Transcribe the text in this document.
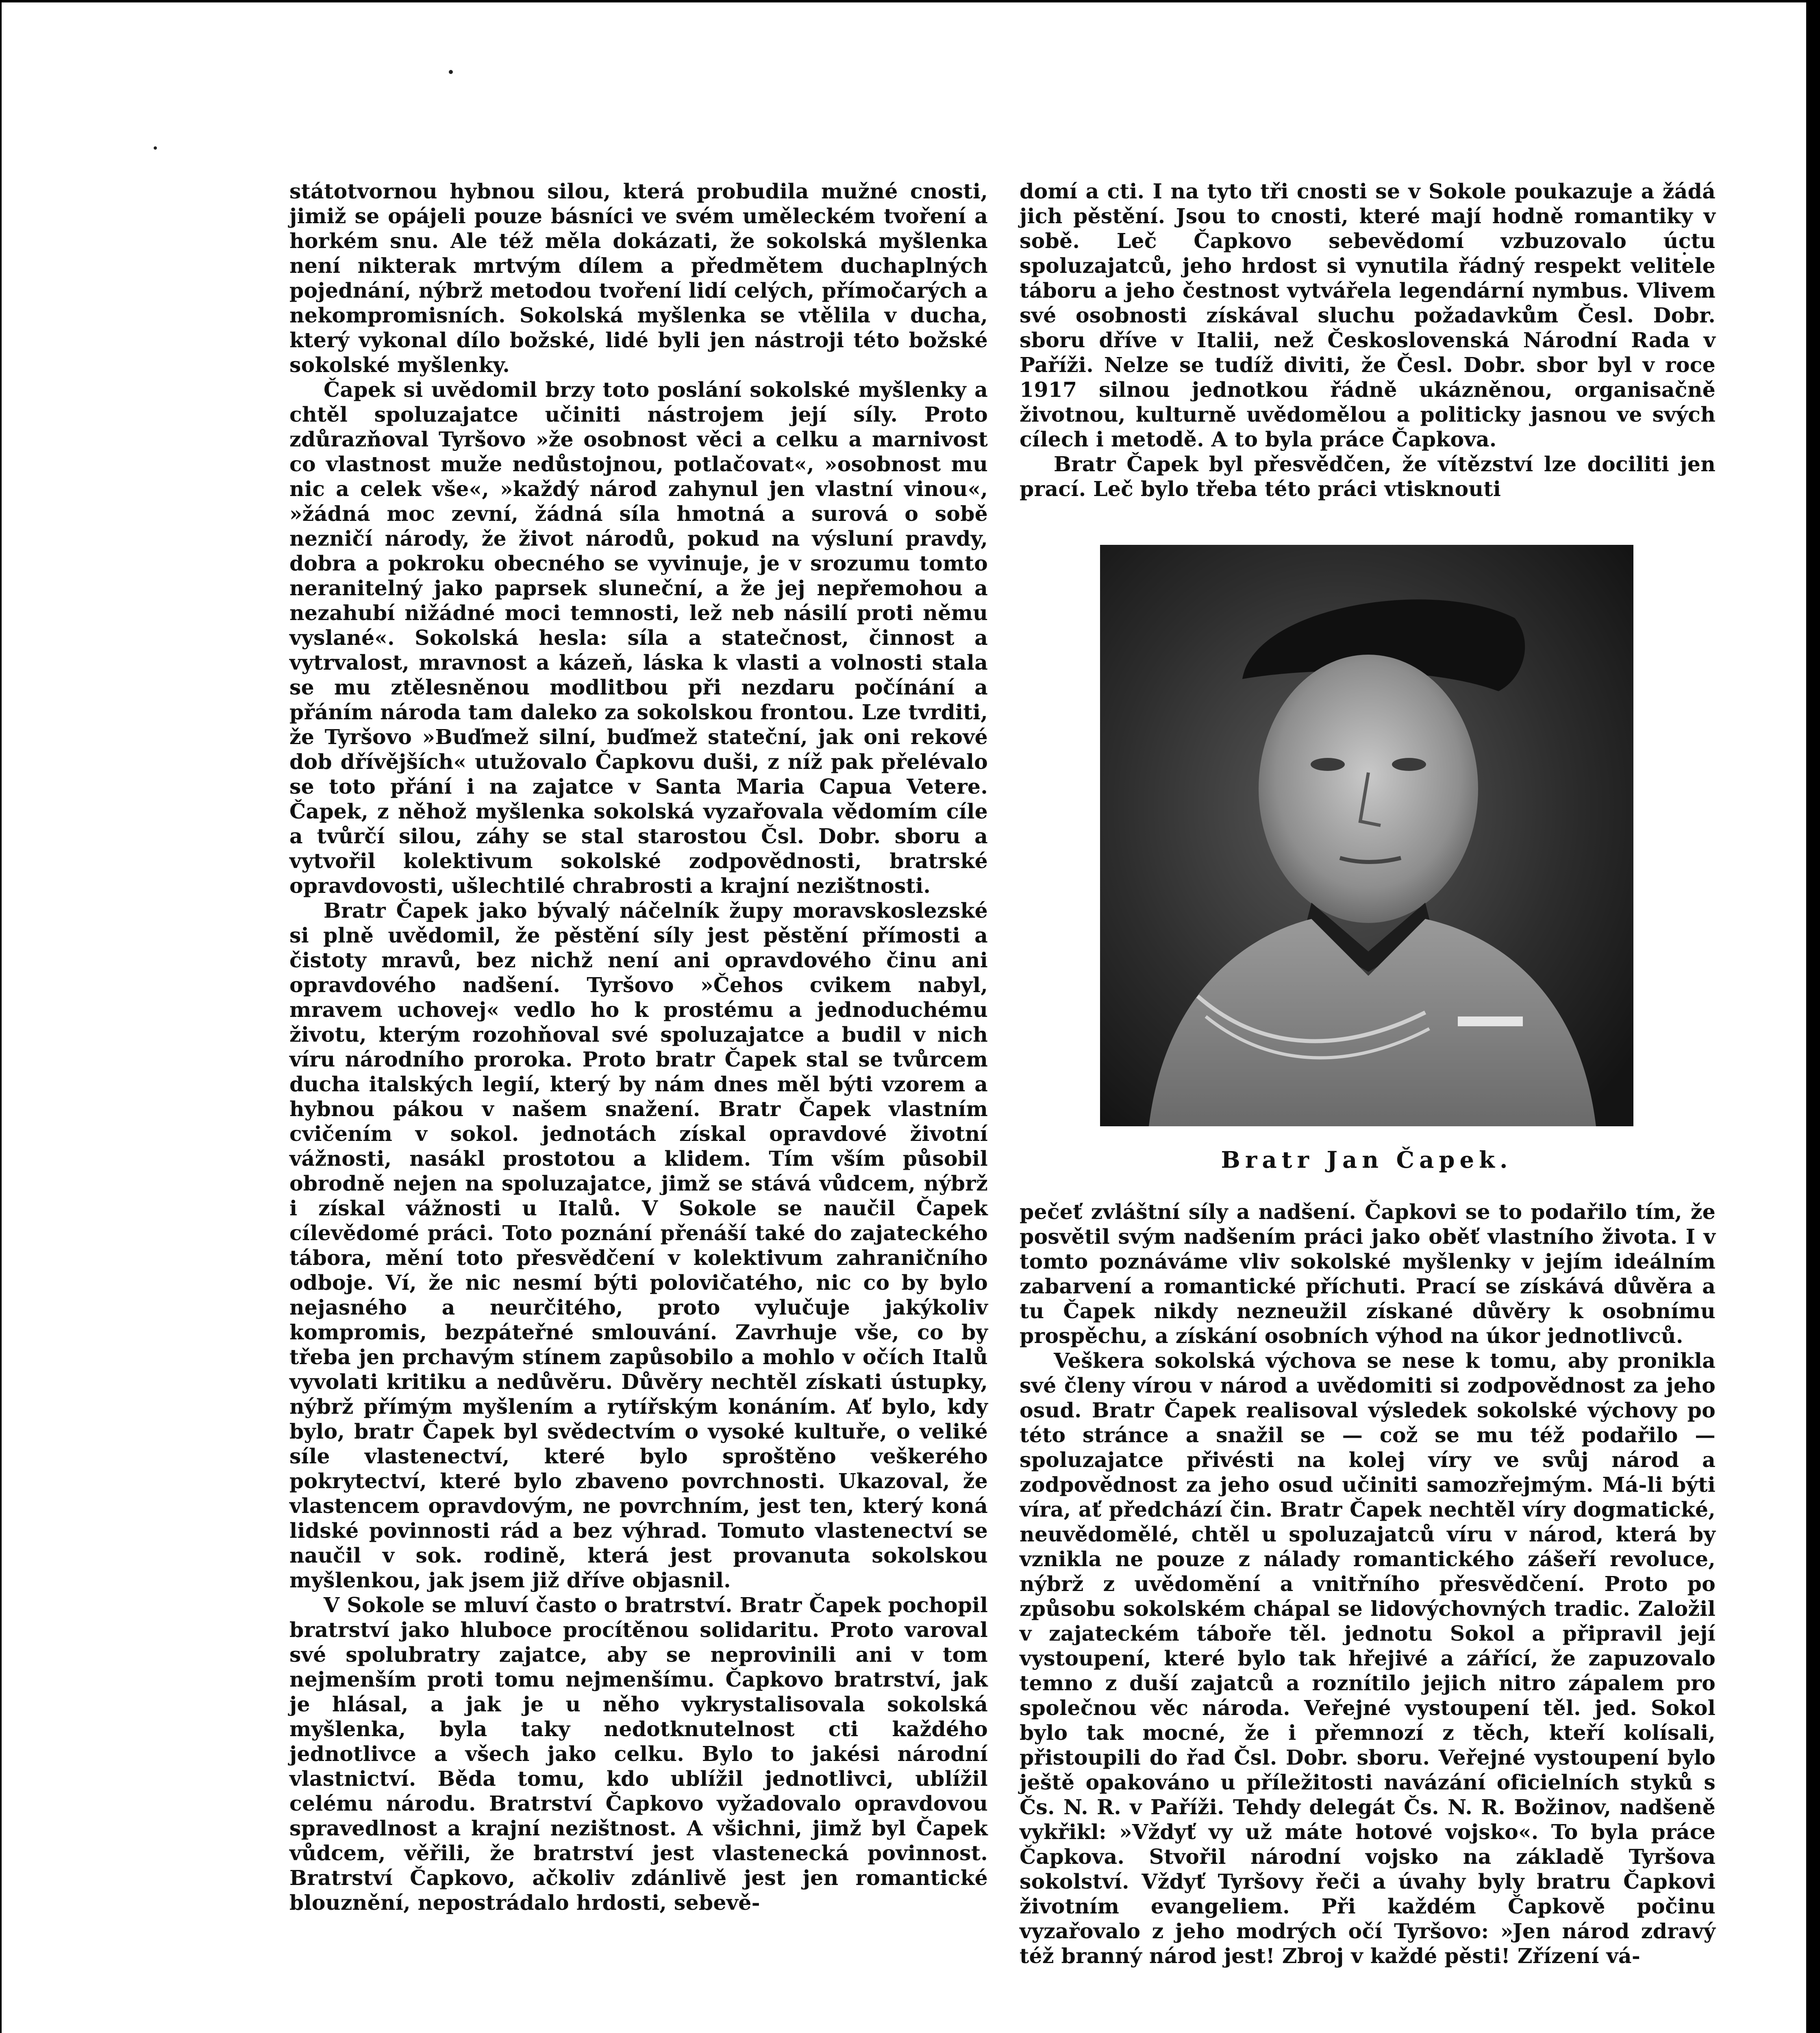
státotvornou hybnou silou, která probudila mužné cnosti, jimiž se opájeli pouze básníci ve svém uměleckém tvoření a horkém snu. Ale též měla dokázati, že sokolská myšlenka není nikterak mrtvým dílem a předmětem duchaplných pojednání, nýbrž metodou tvoření lidí celých, přímočarých a nekompromisních. Sokolská myšlenka se vtělila v ducha, který vykonal dílo božské, lidé byli jen nástroji této božské sokolské myšlenky.

Čapek si uvědomil brzy toto poslání sokolské myšlenky a chtěl spoluzajatce učiniti nástrojem její síly. Proto zdůrazňoval Tyršovo »že osobnost věci a celku a marnivost co vlastnost muže nedůstojnou, potlačovat«, »osobnost mu nic a celek vše«, »každý národ zahynul jen vlastní vinou«, »žádná moc zevní, žádná síla hmotná a surová o sobě nezničí národy, že život národů, pokud na výsluní pravdy, dobra a pokroku obecného se vyvinuje, je v srozumu tomto neranitelný jako paprsek sluneční, a že jej nepřemohou a nezahubí nižádné moci temnosti, lež neb násilí proti němu vyslané«. Sokolská hesla: síla a statečnost, činnost a vytrvalost, mravnost a kázeň, láska k vlasti a volnosti stala se mu ztělesněnou modlitbou při nezdaru počínání a přáním národa tam daleko za sokolskou frontou. Lze tvrditi, že Tyršovo »Buďmež silní, buďmež stateční, jak oni rekové dob dřívějších« utužovalo Čapkovu duši, z níž pak přelévalo se toto přání i na zajatce v Santa Maria Capua Vetere. Čapek, z něhož myšlenka sokolská vyzařovala vědomím cíle a tvůrčí silou, záhy se stal starostou Čsl. Dobr. sboru a vytvořil kolektivum sokolské zodpovědnosti, bratrské opravdovosti, ušlechtilé chrabrosti a krajní nezištnosti.

Bratr Čapek jako bývalý náčelník župy moravskoslezské si plně uvědomil, že pěstění síly jest pěstění přímosti a čistoty mravů, bez nichž není ani opravdového činu ani opravdového nadšení. Tyršovo »Čehos cvikem nabyl, mravem uchovej« vedlo ho k prostému a jednoduchému životu, kterým rozohňoval své spoluzajatce a budil v nich víru národního proroka. Proto bratr Čapek stal se tvůrcem ducha italských legií, který by nám dnes měl býti vzorem a hybnou pákou v našem snažení. Bratr Čapek vlastním cvičením v sokol. jednotách získal opravdové životní vážnosti, nasákl prostotou a klidem. Tím vším působil obrodně nejen na spoluzajatce, jimž se stává vůdcem, nýbrž i získal vážnosti u Italů. V Sokole se naučil Čapek cílevědomé práci. Toto poznání přenáší také do zajateckého tábora, mění toto přesvědčení v kolektivum zahraničního odboje. Ví, že nic nesmí býti polovičatého, nic co by bylo nejasného a neurčitého, proto vylučuje jakýkoliv kompromis, bezpáteřné smlouvání. Zavrhuje vše, co by třeba jen prchavým stínem zapůsobilo a mohlo v očích Italů vyvolati kritiku a nedůvěru. Důvěry nechtěl získati ústupky, nýbrž přímým myšlením a rytířským konáním. Ať bylo, kdy bylo, bratr Čapek byl svědectvím o vysoké kultuře, o veliké síle vlastenectví, které bylo sproštěno veškerého pokrytectví, které bylo zbaveno povrchnosti. Ukazoval, že vlastencem opravdovým, ne povrchním, jest ten, který koná lidské povinnosti rád a bez výhrad. Tomuto vlastenectví se naučil v sok. rodině, která jest provanuta sokolskou myšlenkou, jak jsem již dříve objasnil.

V Sokole se mluví často o bratrství. Bratr Čapek pochopil bratrství jako hluboce procítěnou solidaritu. Proto varoval své spolubratry zajatce, aby se neprovinili ani v tom nejmenším proti tomu nejmenšímu. Čapkovo bratrství, jak je hlásal, a jak je u něho vykrystalisovala sokolská myšlenka, byla taky nedotknutelnost cti každého jednotlivce a všech jako celku. Bylo to jakési národní vlastnictví. Běda tomu, kdo ublížil jednotlivci, ublížil celému národu. Bratrství Čapkovo vyžadovalo opravdovou spravedlnost a krajní nezištnost. A všichni, jimž byl Čapek vůdcem, věřili, že bratrství jest vlastenecká povinnost. Bratrství Čapkovo, ačkoliv zdánlivě jest jen romantické blouznění, nepostrádalo hrdosti, sebevě-

domí a cti. I na tyto tři cnosti se v Sokole poukazuje a žádá jich pěstění. Jsou to cnosti, které mají hodně romantiky v sobě. Leč Čapkovo sebevědomí vzbuzovalo úctu spoluzajatců, jeho hrdost si vynutila řádný respekt velitele táboru a jeho čestnost vytvářela legendární nymbus. Vlivem své osobnosti získával sluchu požadavkům Česl. Dobr. sboru dříve v Italii, než Československá Národní Rada v Paříži. Nelze se tudíž diviti, že Česl. Dobr. sbor byl v roce 1917 silnou jednotkou řádně ukázněnou, organisačně životnou, kulturně uvědomělou a politicky jasnou ve svých cílech i metodě. A to byla práce Čapkova.

Bratr Čapek byl přesvědčen, že vítězství lze dociliti jen prací. Leč bylo třeba této práci vtisknouti

Bratr Jan Čapek.

pečeť zvláštní síly a nadšení. Čapkovi se to podařilo tím, že posvětil svým nadšením práci jako oběť vlastního života. I v tomto poznáváme vliv sokolské myšlenky v jejím ideálním zabarvení a romantické příchuti. Prací se získává důvěra a tu Čapek nikdy nezneužil získané důvěry k osobnímu prospěchu, a získání osobních výhod na úkor jednotlivců.

Veškera sokolská výchova se nese k tomu, aby pronikla své členy vírou v národ a uvědomiti si zodpovědnost za jeho osud. Bratr Čapek realisoval výsledek sokolské výchovy po této stránce a snažil se — což se mu též podařilo — spoluzajatce přivésti na kolej víry ve svůj národ a zodpovědnost za jeho osud učiniti samozřejmým. Má-li býti víra, ať předchází čin. Bratr Čapek nechtěl víry dogmatické, neuvědomělé, chtěl u spoluzajatců víru v národ, která by vznikla ne pouze z nálady romantického zášeří revoluce, nýbrž z uvědomění a vnitřního přesvědčení. Proto po způsobu sokolském chápal se lidovýchovných tradic. Založil v zajateckém táboře těl. jednotu Sokol a připravil její vystoupení, které bylo tak hřejivé a zářící, že zapuzovalo temno z duší zajatců a roznítilo jejich nitro zápalem pro společnou věc národa. Veřejné vystoupení těl. jed. Sokol bylo tak mocné, že i přemnozí z těch, kteří kolísali, přistoupili do řad Čsl. Dobr. sboru. Veřejné vystoupení bylo ještě opakováno u příležitosti navázání oficielních styků s Čs. N. R. v Paříži. Tehdy delegát Čs. N. R. Božinov, nadšeně vykřikl: »Vždyť vy už máte hotové vojsko«. To byla práce Čapkova. Stvořil národní vojsko na základě Tyršova sokolství. Vždyť Tyršovy řeči a úvahy byly bratru Čapkovi životním evangeliem. Při každém Čapkově počinu vyzařovalo z jeho modrých očí Tyršovo: »Jen národ zdravý též branný národ jest! Zbroj v každé pěsti! Zřízení vá-
